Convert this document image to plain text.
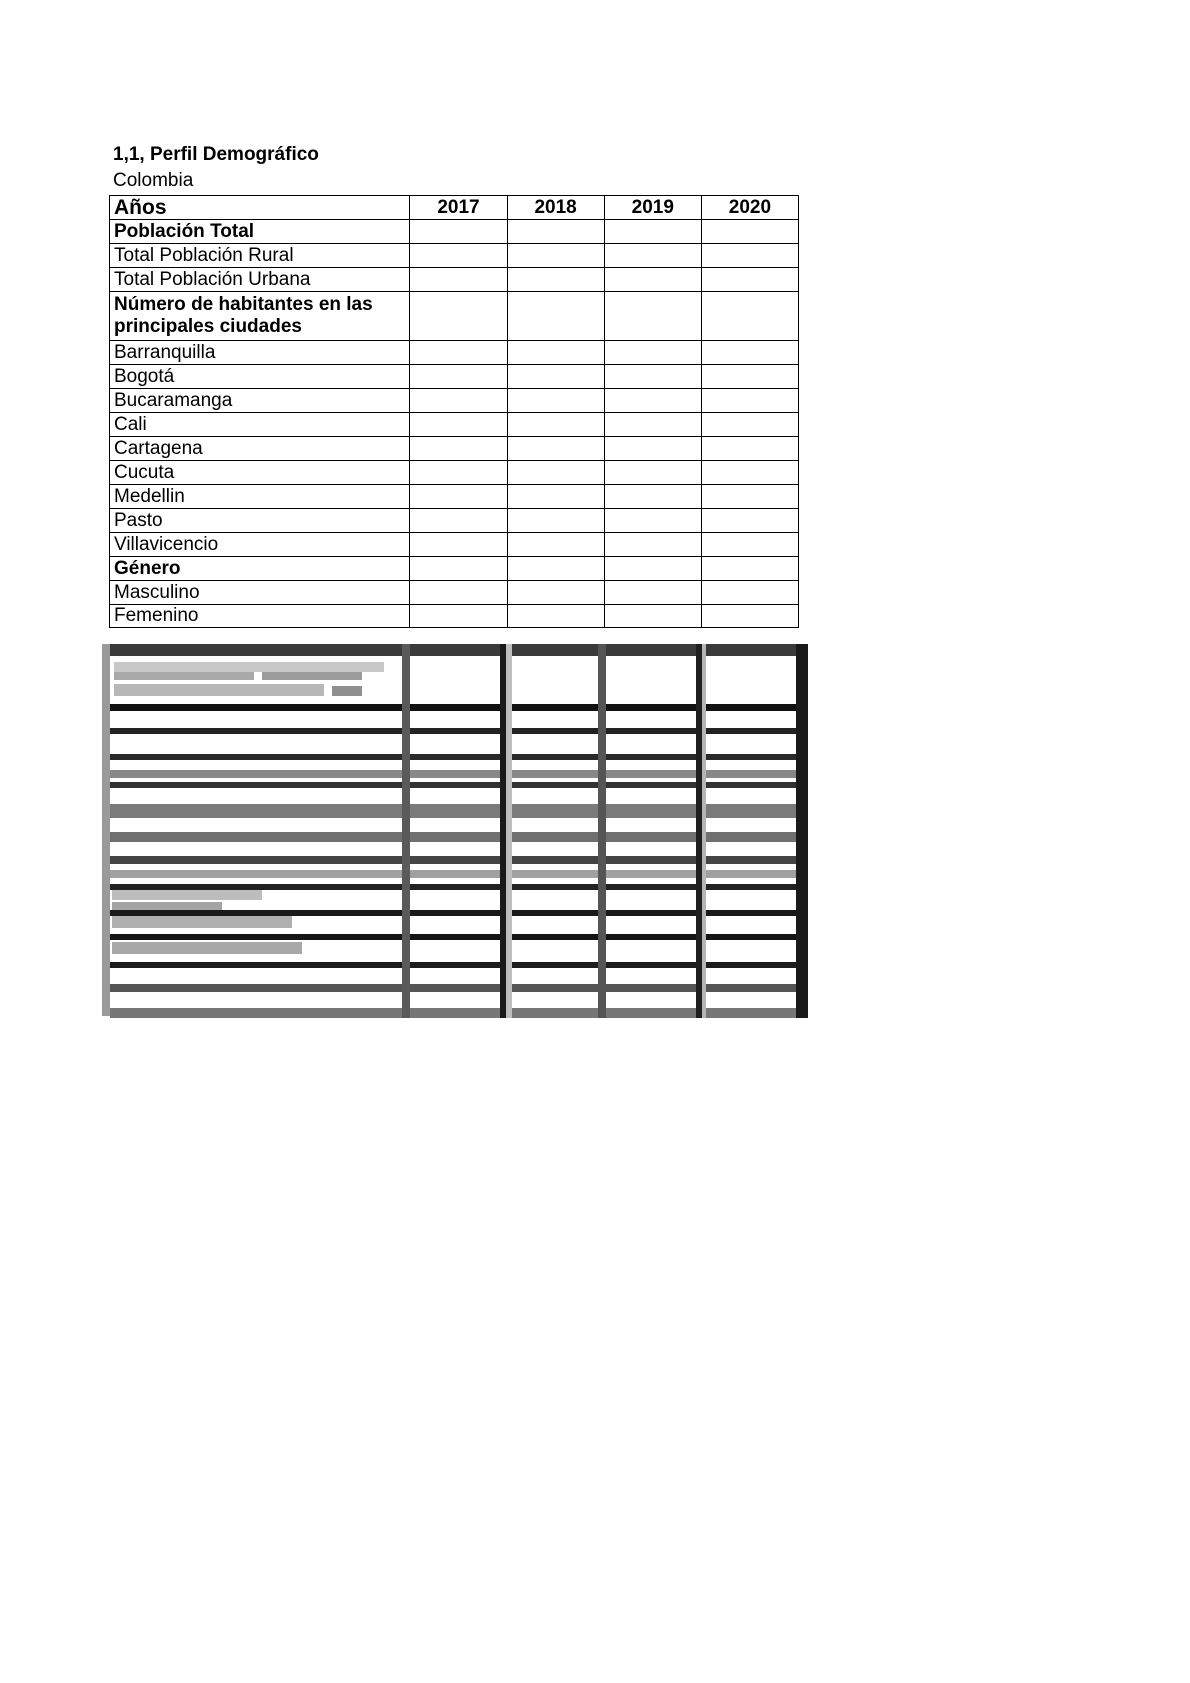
1,1, Perfil Demográfico
Colombia
Años	2017	2018	2019	2020
Población Total				
Total Población Rural				
Total Población Urbana				
Número de habitantes en las principales ciudades				
Barranquilla				
Bogotá				
Bucaramanga				
Cali				
Cartagena				
Cucuta				
Medellin				
Pasto				
Villavicencio				
Género				
Masculino				
Femenino				
